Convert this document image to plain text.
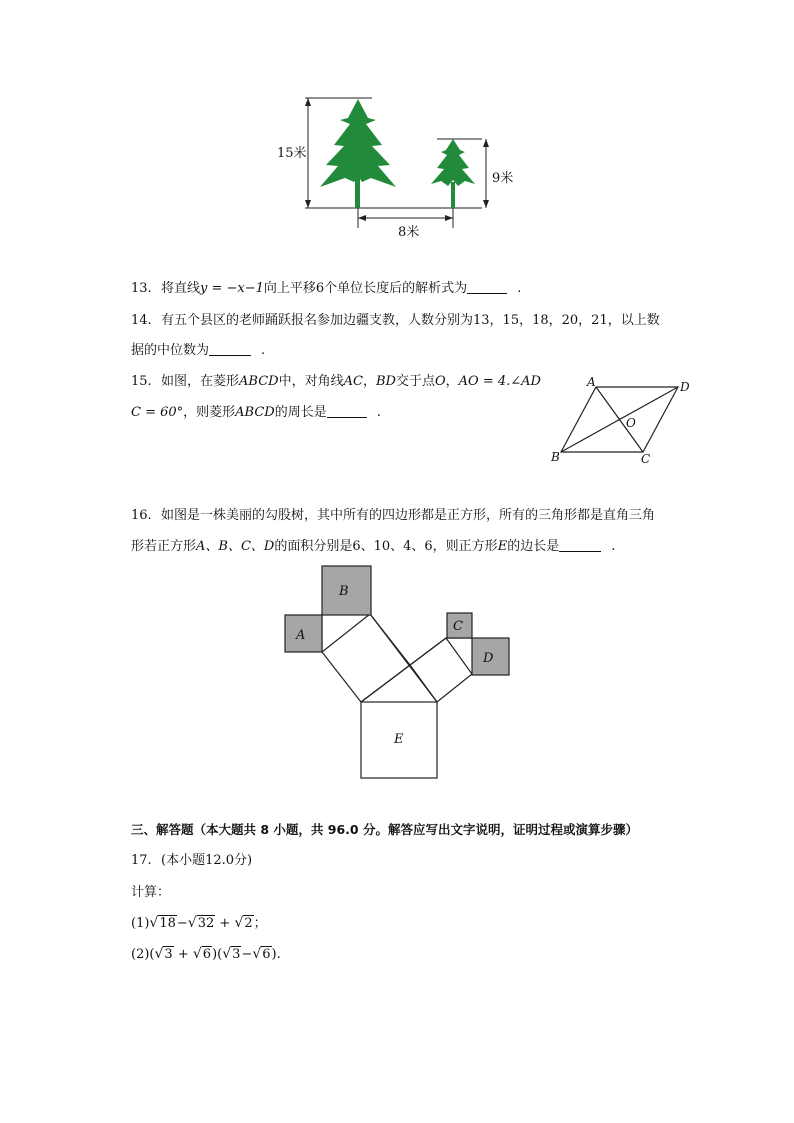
15米
9米
8米
13. 将直线y = −x−1向上平移6个单位长度后的解析式为	.
14. 有五个县区的老师踊跃报名参加边疆支教，人数分别为13，15，18，20，21，以上数
据的中位数为	.
15. 如图，在菱形ABCD中，对角线AC，BD交于点O，AO = 4.∠AD
C = 60°，则菱形ABCD的周长是	.
A	D
O
B	C
16. 如图是一株美丽的勾股树，其中所有的四边形都是正方形，所有的三角形都是直角三角
形若正方形A、B、C、D的面积分别是6、10、4、6，则正方形E的边长是	.
A
B
C
D
E
三、解答题（本大题共 8 小题，共 96.0 分。解答应写出文字说明，证明过程或演算步骤）
17. (本小题12.0分)
计算：
(1)√18−√32 + √2；
(2)(√3 + √6)(√3−√6).
